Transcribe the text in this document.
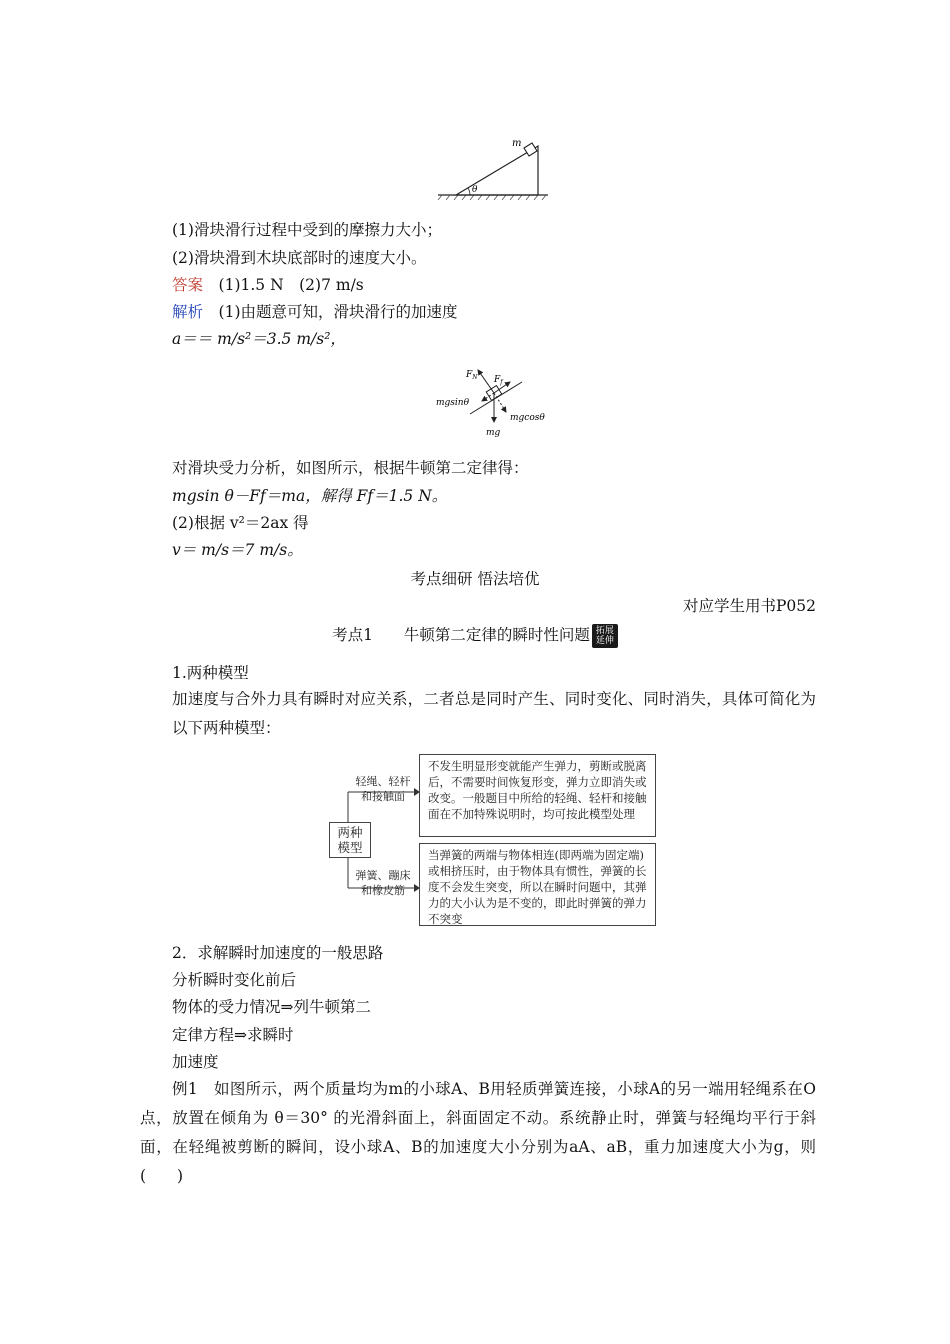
m
θ
(1)滑块滑行过程中受到的摩擦力大小；
(2)滑块滑到木块底部时的速度大小。
答案　 (1)1.5 N　(2)7 m/s
解析　 (1)由题意可知，滑块滑行的加速度
a＝＝ m/s²＝3.5 m/s²，
$F_N$ $F_f$
mgsinθ
mgcosθ
mg
对滑块受力分析，如图所示，根据牛顿第二定律得：
mgsin θ－Ff＝ma，解得 Ff＝1.5 N。
(2)根据 v²＝2ax 得
v＝ m/s＝7 m/s。
考点细研 悟法培优
对应学生用书P052
考点1　　牛顿第二定律的瞬时性问题 拓展延伸
1.两种模型
加速度与合外力具有瞬时对应关系，二者总是同时产生、同时变化、同时消失，具体可简化为以下两种模型：
两种模型
轻绳、轻杆和接触面
弹簧、蹦床和橡皮筋
不发生明显形变就能产生弹力，剪断或脱离后，不需要时间恢复形变，弹力立即消失或改变。一般题目中所给的轻绳、轻杆和接触面在不加特殊说明时，均可按此模型处理
当弹簧的两端与物体相连(即两端为固定端)或相挤压时，由于物体具有惯性，弹簧的长度不会发生突变，所以在瞬时问题中，其弹力的大小认为是不变的，即此时弹簧的弹力不突变
2．求解瞬时加速度的一般思路
分析瞬时变化前后
物体的受力情况⇒列牛顿第二
定律方程⇒求瞬时
加速度
例1　如图所示，两个质量均为m的小球A、B用轻质弹簧连接，小球A的另一端用轻绳系在O点，放置在倾角为 θ＝30° 的光滑斜面上，斜面固定不动。系统静止时，弹簧与轻绳均平行于斜面，在轻绳被剪断的瞬间，设小球A、B的加速度大小分别为aA、aB，重力加速度大小为g，则(　　)
